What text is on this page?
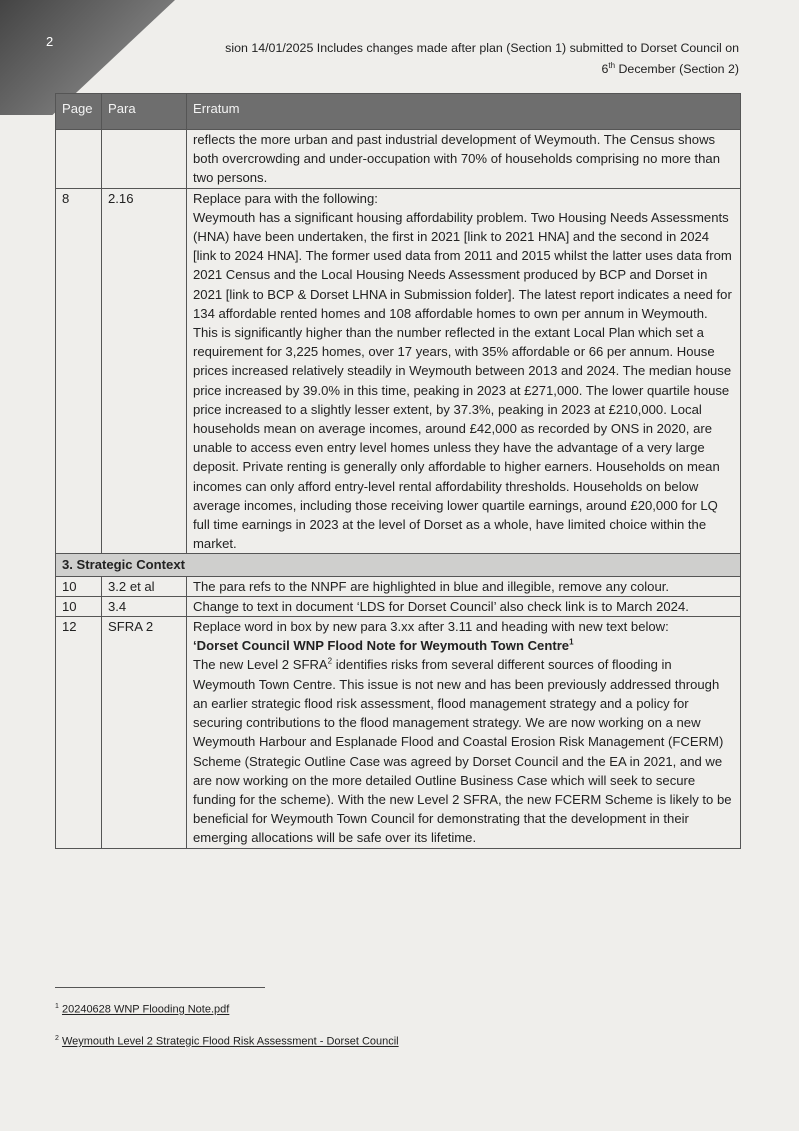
2	sion 14/01/2025 Includes changes made after plan (Section 1) submitted to Dorset Council on
6th December (Section 2)
Page	Para	Erratum
		reflects the more urban and past industrial development of Weymouth. The Census shows both overcrowding and under-occupation with 70% of households comprising no more than two persons.
8	2.16	Replace para with the following:

Weymouth has a significant housing affordability problem. Two Housing Needs Assessments (HNA) have been undertaken, the first in 2021 [link to 2021 HNA] and the second in 2024 [link to 2024 HNA]. The former used data from 2011 and 2015 whilst the latter uses data from 2021 Census and the Local Housing Needs Assessment produced by BCP and Dorset in 2021 [link to BCP & Dorset LHNA in Submission folder]. The latest report indicates a need for 134 affordable rented homes and 108 affordable homes to own per annum in Weymouth. This is significantly higher than the number reflected in the extant Local Plan which set a requirement for 3,225 homes, over 17 years, with 35% affordable or 66 per annum. House prices increased relatively steadily in Weymouth between 2013 and 2024. The median house price increased by 39.0% in this time, peaking in 2023 at £271,000. The lower quartile house price increased to a slightly lesser extent, by 37.3%, peaking in 2023 at £210,000. Local households mean on average incomes, around £42,000 as recorded by ONS in 2020, are unable to access even entry level homes unless they have the advantage of a very large deposit. Private renting is generally only affordable to higher earners. Households on mean incomes can only afford entry-level rental affordability thresholds. Households on below average incomes, including those receiving lower quartile earnings, around £20,000 for LQ full time earnings in 2023 at the level of Dorset as a whole, have limited choice within the market.

3. Strategic Context		
10	3.2 et al	The para refs to the NNPF are highlighted in blue and illegible, remove any colour.
10	3.4	Change to text in document ‘LDS for Dorset Council’ also check link is to March 2024.
12	SFRA 2	Replace word in box by new para 3.xx after 3.11 and heading with new text below:

‘Dorset Council WNP Flood Note for Weymouth Town Centre$^1$

The new Level 2 SFRA$^2$ identifies risks from several different sources of flooding in Weymouth Town Centre. This issue is not new and has been previously addressed through an earlier strategic flood risk assessment, flood management strategy and a policy for securing contributions to the flood management strategy. We are now working on a new Weymouth Harbour and Esplanade Flood and Coastal Erosion Risk Management (FCERM) Scheme (Strategic Outline Case was agreed by Dorset Council and the EA in 2021, and we are now working on the more detailed Outline Business Case which will seek to secure funding for the scheme). With the new Level 2 SFRA, the new FCERM Scheme is likely to be beneficial for Weymouth Town Council for demonstrating that the development in their emerging allocations will be safe over its lifetime.

$^1$ 20240628 WNP Flooding Note.pdf
$^2$ Weymouth Level 2 Strategic Flood Risk Assessment - Dorset Council
